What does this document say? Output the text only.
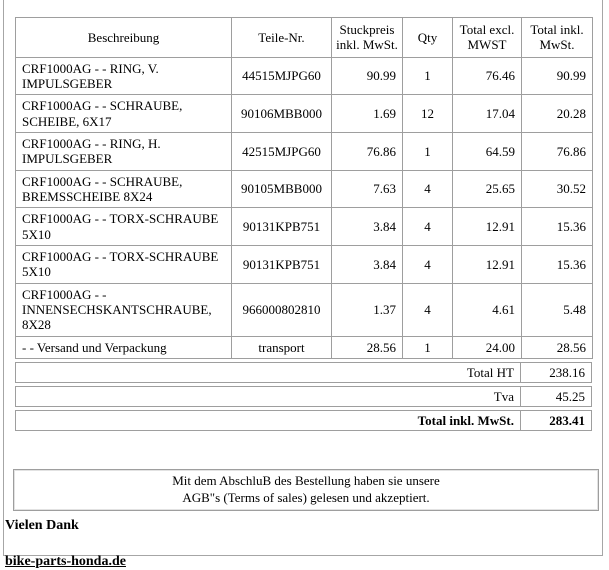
Beschreibung	Teile-Nr.	Stuckpreis inkl. MwSt.	Qty	Total excl. MWST	Total inkl. MwSt.
CRF1000AG - - RING, V. IMPULSGEBER	44515MJPG60	90.99	1	76.46	90.99
CRF1000AG - - SCHRAUBE, SCHEIBE, 6X17	90106MBB000	1.69	12	17.04	20.28
CRF1000AG - - RING, H. IMPULSGEBER	42515MJPG60	76.86	1	64.59	76.86
CRF1000AG - - SCHRAUBE, BREMSSCHEIBE 8X24	90105MBB000	7.63	4	25.65	30.52
CRF1000AG - - TORX-SCHRAUBE 5X10	90131KPB751	3.84	4	12.91	15.36
CRF1000AG - - TORX-SCHRAUBE 5X10	90131KPB751	3.84	4	12.91	15.36
CRF1000AG - - INNENSECHSKANTSCHRAUBE, 8X28	966000802810	1.37	4	4.61	5.48
- - Versand und Verpackung	transport	28.56	1	24.00	28.56
Total HT	238.16
Tva	45.25
Total inkl. MwSt.	283.41
Mit dem AbschluB des Bestellung haben sie unsere
AGB"s (Terms of sales) gelesen und akzeptiert.
Vielen Dank
bike-parts-honda.de
